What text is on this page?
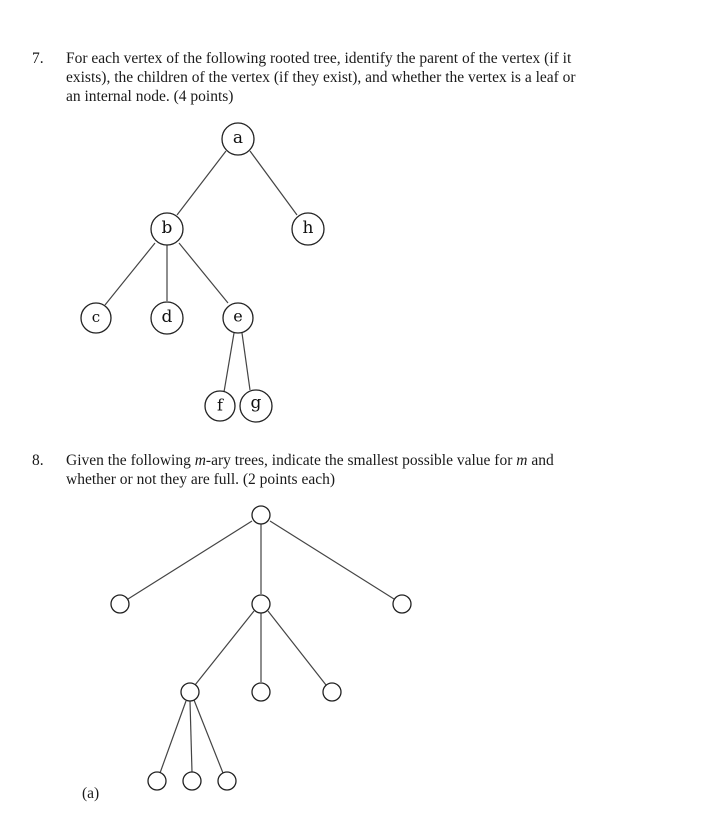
7.	For each vertex of the following rooted tree, identify the parent of the vertex (if it
exists), the children of the vertex (if they exist), and whether the vertex is a leaf or
an internal node. (4 points)
a
b	h
c	d	e
f g
8.	Given the following m-ary trees, indicate the smallest possible value for m and
whether or not they are full. (2 points each)
(a)
